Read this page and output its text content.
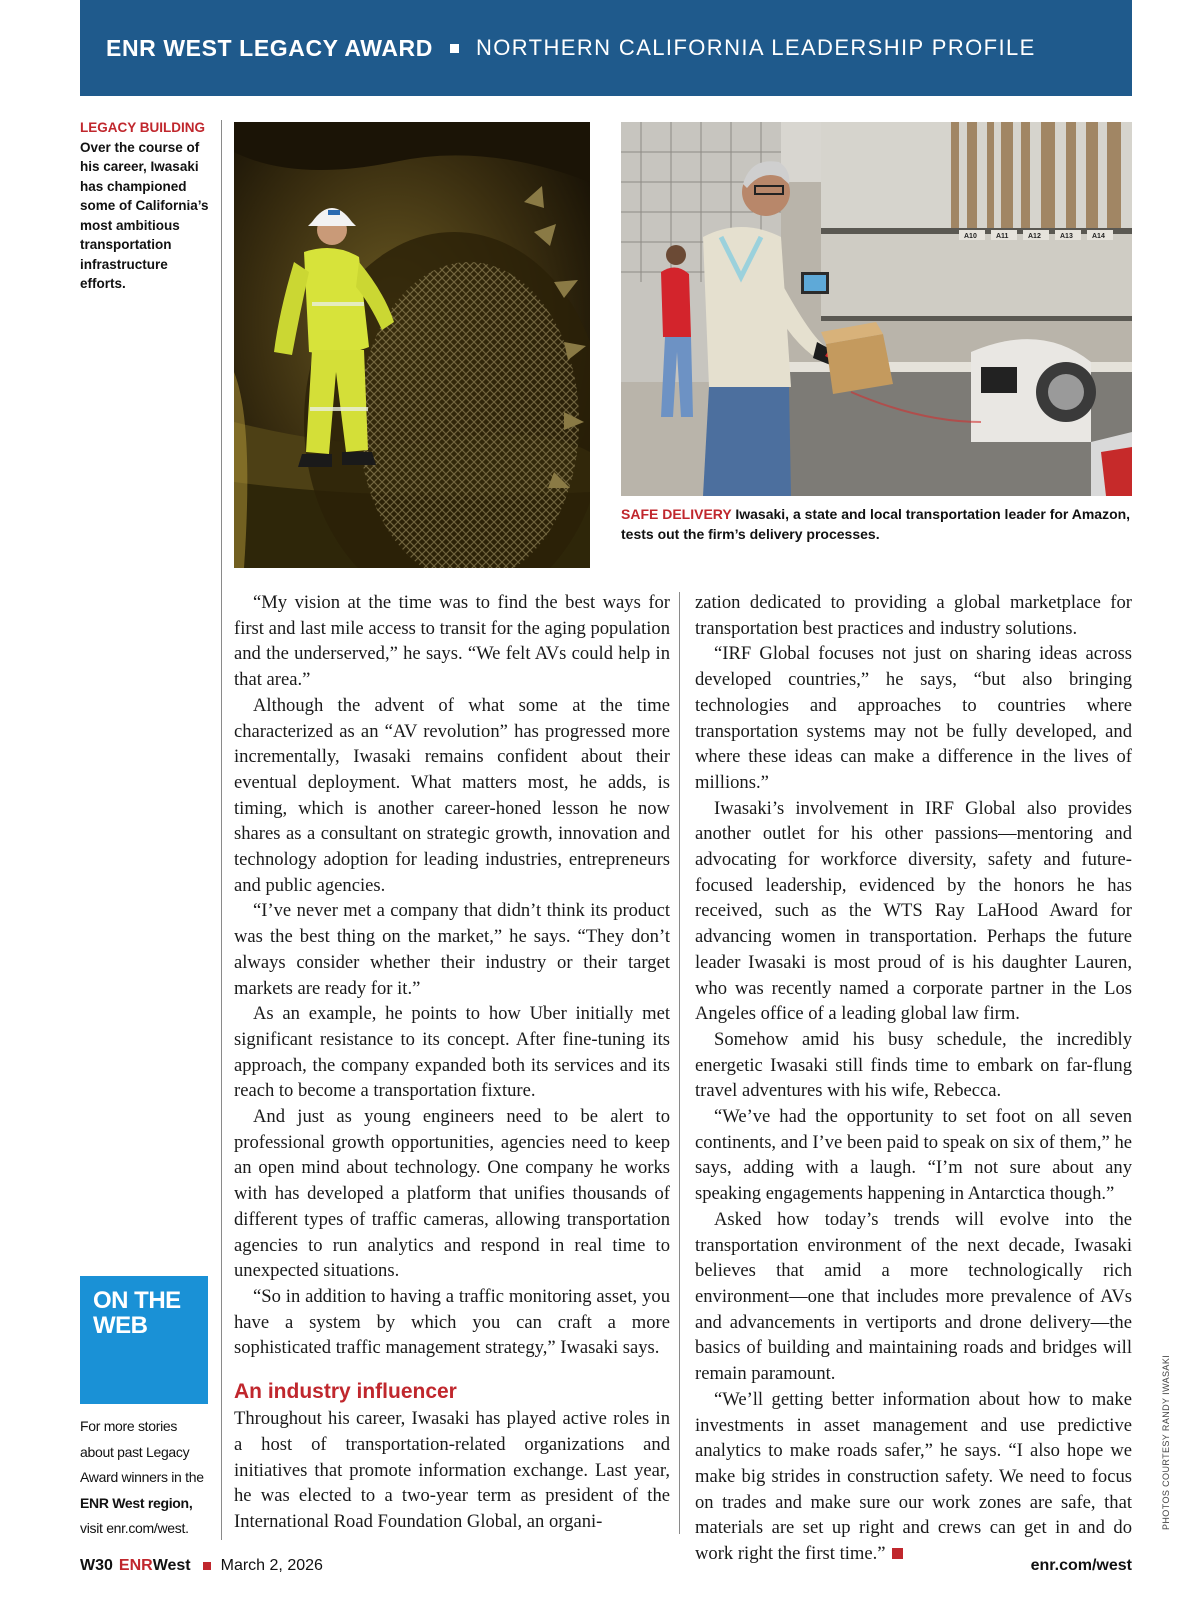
ENR WEST LEGACY AWARD NORTHERN CALIFORNIA LEADERSHIP PROFILE
LEGACY BUILDING
Over the course of his career, Iwasaki has championed some of California’s most ambitious transportation infrastructure efforts.
A10	A11	A12	A13	A14
SAFE DELIVERY Iwasaki, a state and local transportation leader for Amazon, tests out the firm’s delivery processes.

“My vision at the time was to find the best ways for first and last mile access to transit for the aging population and the underserved,” he says. “We felt AVs could help in that area.”

Although the advent of what some at the time characterized as an “AV revolution” has progressed more incrementally, Iwasaki remains confident about their eventual deployment. What matters most, he adds, is timing, which is another career-honed lesson he now shares as a consultant on strategic growth, innovation and technology adoption for leading industries, entrepreneurs and public agencies.

“I’ve never met a company that didn’t think its product was the best thing on the market,” he says. “They don’t always consider whether their industry or their target markets are ready for it.”

As an example, he points to how Uber initially met significant resistance to its concept. After fine-tuning its approach, the company expanded both its services and its reach to become a transportation fixture.

And just as young engineers need to be alert to professional growth opportunities, agencies need to keep an open mind about technology. One company he works with has developed a platform that unifies thousands of different types of traffic cameras, allowing transportation agencies to run analytics and respond in real time to unexpected situations.

“So in addition to having a traffic monitoring asset, you have a system by which you can craft a more sophisticated traffic management strategy,” Iwasaki says.

An industry influencer

Throughout his career, Iwasaki has played active roles in a host of transportation-related organizations and initiatives that promote information exchange. Last year, he was elected to a two-year term as president of the International Road Foundation Global, an organi-

zation dedicated to providing a global marketplace for transportation best practices and industry solutions.

“IRF Global focuses not just on sharing ideas across developed countries,” he says, “but also bringing technologies and approaches to countries where transportation systems may not be fully developed, and where these ideas can make a difference in the lives of millions.”

Iwasaki’s involvement in IRF Global also provides another outlet for his other passions—mentoring and advocating for workforce diversity, safety and future-focused leadership, evidenced by the honors he has received, such as the WTS Ray LaHood Award for advancing women in transportation. Perhaps the future leader Iwasaki is most proud of is his daughter Lauren, who was recently named a corporate partner in the Los Angeles office of a leading global law firm.

Somehow amid his busy schedule, the incredibly energetic Iwasaki still finds time to embark on far-flung travel adventures with his wife, Rebecca.

“We’ve had the opportunity to set foot on all seven continents, and I’ve been paid to speak on six of them,” he says, adding with a laugh. “I’m not sure about any speaking engagements happening in Antarctica though.”

Asked how today’s trends will evolve into the transportation environment of the next decade, Iwasaki believes that amid a more technologically rich environment—one that includes more prevalence of AVs and advancements in vertiports and drone delivery—the basics of building and maintaining roads and bridges will remain paramount.

“We’ll getting better information about how to make investments in asset management and use predictive analytics to make roads safer,” he says. “I also hope we make big strides in construction safety. We need to focus on trades and make sure our work zones are safe, that materials are set up right and crews can get in and do work right the first time.”

ON THE
WEB
For more stories about past Legacy Award winners in the ENR West region, visit enr.com/west.	PHOTOS COURTESY RANDY IWASAKI
W30 ENR West March 2, 2026	enr.com/west
